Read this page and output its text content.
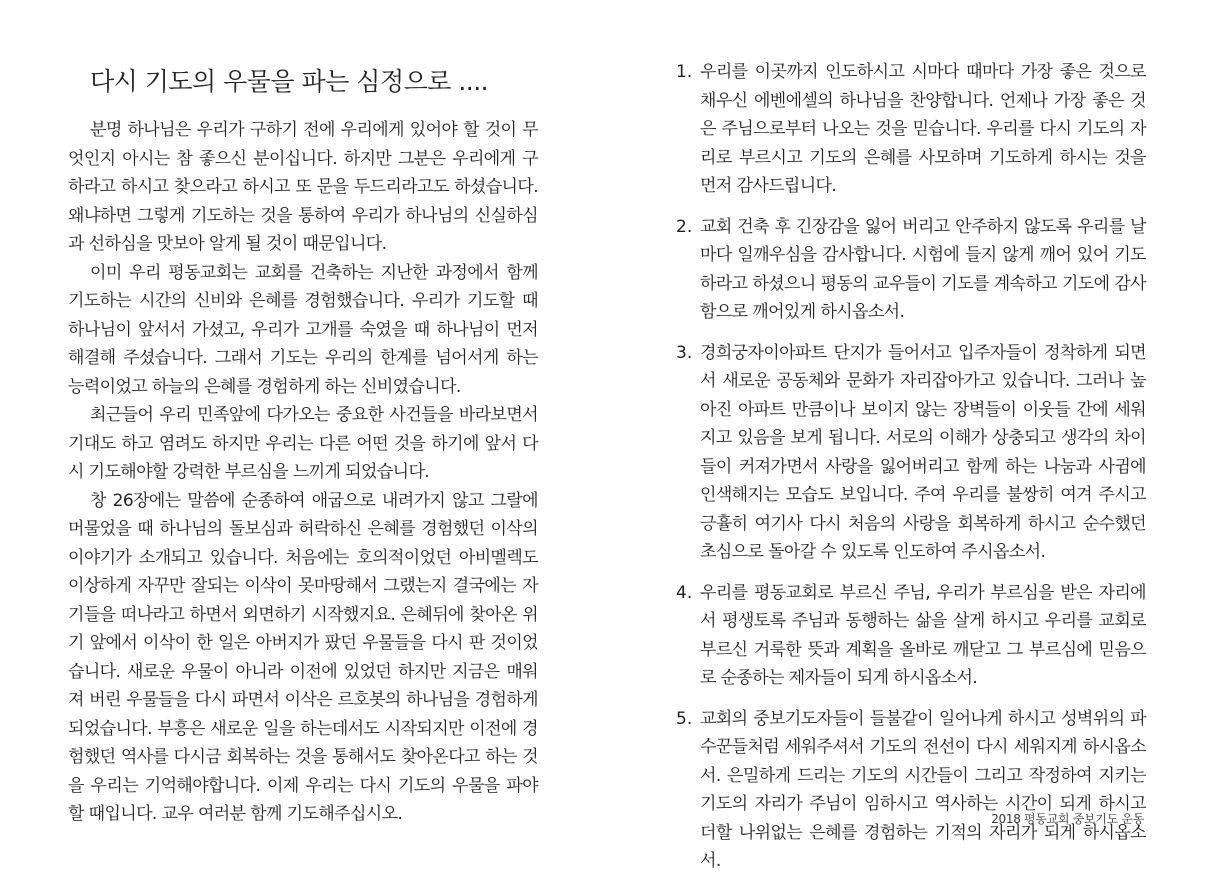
다시 기도의 우물을 파는 심정으로 ....

분명 하나님은 우리가 구하기 전에 우리에게 있어야 할 것이 무엇인지 아시는 참 좋으신 분이십니다. 하지만 그분은 우리에게 구하라고 하시고 찾으라고 하시고 또 문을 두드리라고도 하셨습니다. 왜냐하면 그렇게 기도하는 것을 통하여 우리가 하나님의 신실하심과 선하심을 맛보아 알게 될 것이 때문입니다.

이미 우리 평동교회는 교회를 건축하는 지난한 과정에서 함께 기도하는 시간의 신비와 은혜를 경험했습니다. 우리가 기도할 때 하나님이 앞서서 가셨고, 우리가 고개를 숙였을 때 하나님이 먼저 해결해 주셨습니다. 그래서 기도는 우리의 한계를 넘어서게 하는 능력이었고 하늘의 은혜를 경험하게 하는 신비였습니다.

최근들어 우리 민족앞에 다가오는 중요한 사건들을 바라보면서 기대도 하고 염려도 하지만 우리는 다른 어떤 것을 하기에 앞서 다시 기도해야할 강력한 부르심을 느끼게 되었습니다.

창 26장에는 말씀에 순종하여 애굽으로 내려가지 않고 그랄에 머물었을 때 하나님의 돌보심과 허락하신 은혜를 경험했던 이삭의 이야기가 소개되고 있습니다. 처음에는 호의적이었던 아비멜렉도 이상하게 자꾸만 잘되는 이삭이 못마땅해서 그랬는지 결국에는 자기들을 떠나라고 하면서 외면하기 시작했지요. 은혜뒤에 찾아온 위기 앞에서 이삭이 한 일은 아버지가 팠던 우물들을 다시 판 것이었습니다. 새로운 우물이 아니라 이전에 있었던 하지만 지금은 매워져 버린 우물들을 다시 파면서 이삭은 르호봇의 하나님을 경험하게 되었습니다. 부흥은 새로운 일을 하는데서도 시작되지만 이전에 경험했던 역사를 다시금 회복하는 것을 통해서도 찾아온다고 하는 것을 우리는 기억해야합니다. 이제 우리는 다시 기도의 우물을 파야할 때입니다. 교우 여러분 함께 기도해주십시오.

1. 우리를 이곳까지 인도하시고 시마다 때마다 가장 좋은 것으로 채우신 에벤에셀의 하나님을 찬양합니다. 언제나 가장 좋은 것은 주님으로부터 나오는 것을 믿습니다. 우리를 다시 기도의 자리로 부르시고 기도의 은혜를 사모하며 기도하게 하시는 것을 먼저 감사드립니다.

2. 교회 건축 후 긴장감을 잃어 버리고 안주하지 않도록 우리를 날마다 일깨우심을 감사합니다. 시험에 들지 않게 깨어 있어 기도하라고 하셨으니 평동의 교우들이 기도를 계속하고 기도에 감사함으로 깨어있게 하시옵소서.

3. 경희궁자이아파트 단지가 들어서고 입주자들이 정착하게 되면서 새로운 공동체와 문화가 자리잡아가고 있습니다. 그러나 높아진 아파트 만큼이나 보이지 않는 장벽들이 이웃들 간에 세워지고 있음을 보게 됩니다. 서로의 이해가 상충되고 생각의 차이들이 커져가면서 사랑을 잃어버리고 함께 하는 나눔과 사귐에 인색해지는 모습도 보입니다. 주여 우리를 불쌍히 여겨 주시고 긍휼히 여기사 다시 처음의 사랑을 회복하게 하시고 순수했던 초심으로 돌아갈 수 있도록 인도하여 주시옵소서.

4. 우리를 평동교회로 부르신 주님, 우리가 부르심을 받은 자리에서 평생토록 주님과 동행하는 삶을 살게 하시고 우리를 교회로 부르신 거룩한 뜻과 계획을 올바로 깨닫고 그 부르심에 믿음으로 순종하는 제자들이 되게 하시옵소서.

5. 교회의 중보기도자들이 들불같이 일어나게 하시고 성벽위의 파수꾼들처럼 세워주셔서 기도의 전선이 다시 세워지게 하시옵소서. 은밀하게 드리는 기도의 시간들이 그리고 작정하여 지키는 기도의 자리가 주님이 임하시고 역사하는 시간이 되게 하시고 더할 나위없는 은혜를 경험하는 기적의 자리가 되게 하시옵소서.

2018 평동교회 중보기도 운동
